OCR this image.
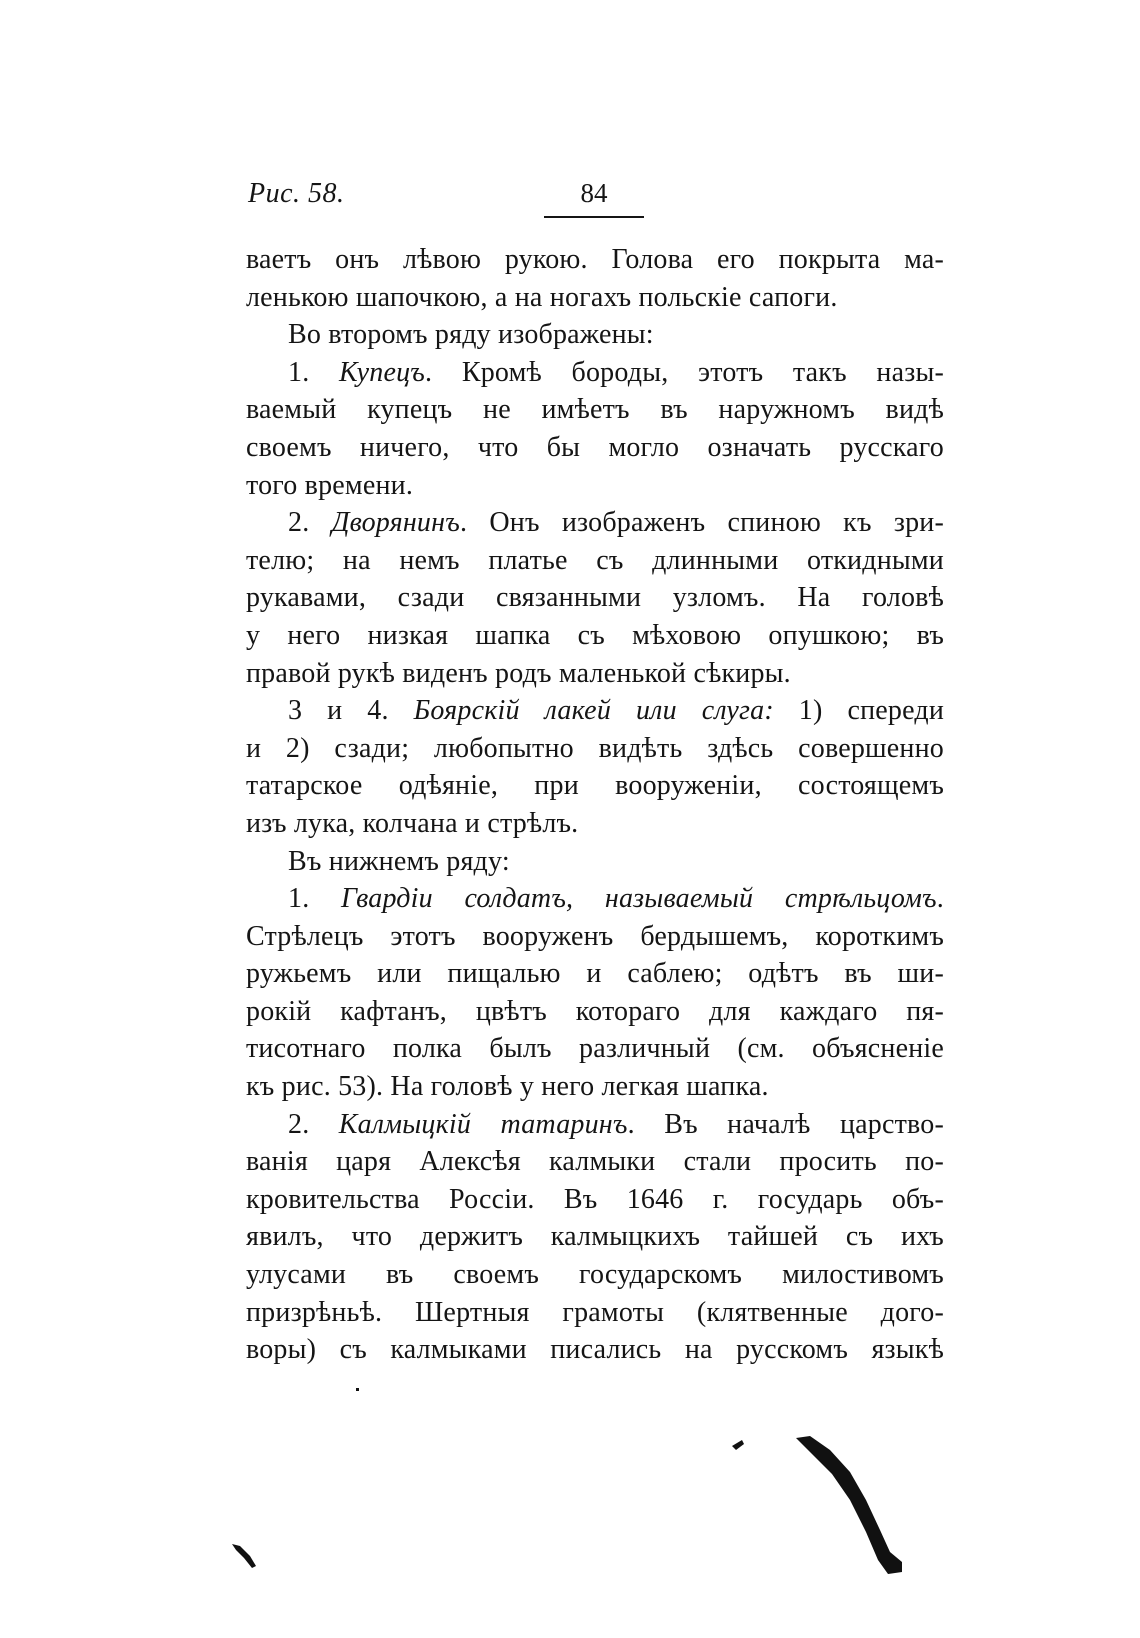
Рис. 58.	84
ваетъ онъ лѣвою рукою. Голова его покрыта ма-
ленькою шапочкою, а на ногахъ польскіе сапоги.
Во второмъ ряду изображены:
1. Купецъ. Кромѣ бороды, этотъ такъ назы-
ваемый купецъ не имѣетъ въ наружномъ видѣ
своемъ ничего, что бы могло означать русскаго
того времени.
2. Дворянинъ. Онъ изображенъ спиною къ зри-
телю; на немъ платье съ длинными откидными
рукавами, сзади связанными узломъ. На головѣ
у него низкая шапка съ мѣховою опушкою; въ
правой рукѣ виденъ родъ маленькой сѣкиры.
3 и 4. Боярскій лакей или слуга: 1) спереди
и 2) сзади; любопытно видѣть здѣсь совершенно
татарское одѣяніе, при вооруженіи, состоящемъ
изъ лука, колчана и стрѣлъ.
Въ нижнемъ ряду:
1. Гвардіи солдатъ, называемый стрѣльцомъ.
Стрѣлецъ этотъ вооруженъ бердышемъ, короткимъ
ружьемъ или пищалью и саблею; одѣтъ въ ши-
рокій кафтанъ, цвѣтъ котораго для каждаго пя-
тисотнаго полка былъ различный (см. объясненіе
къ рис. 53). На головѣ у него легкая шапка.
2. Калмыцкій татаринъ. Въ началѣ царство-
ванія царя Алексѣя калмыки стали просить по-
кровительства Россіи. Въ 1646 г. государь объ-
явилъ, что держитъ калмыцкихъ тайшей съ ихъ
улусами въ своемъ государскомъ милостивомъ
призрѣньѣ. Шертныя грамоты (клятвенные дого-
воры) съ калмыками писались на русскомъ языкѣ
